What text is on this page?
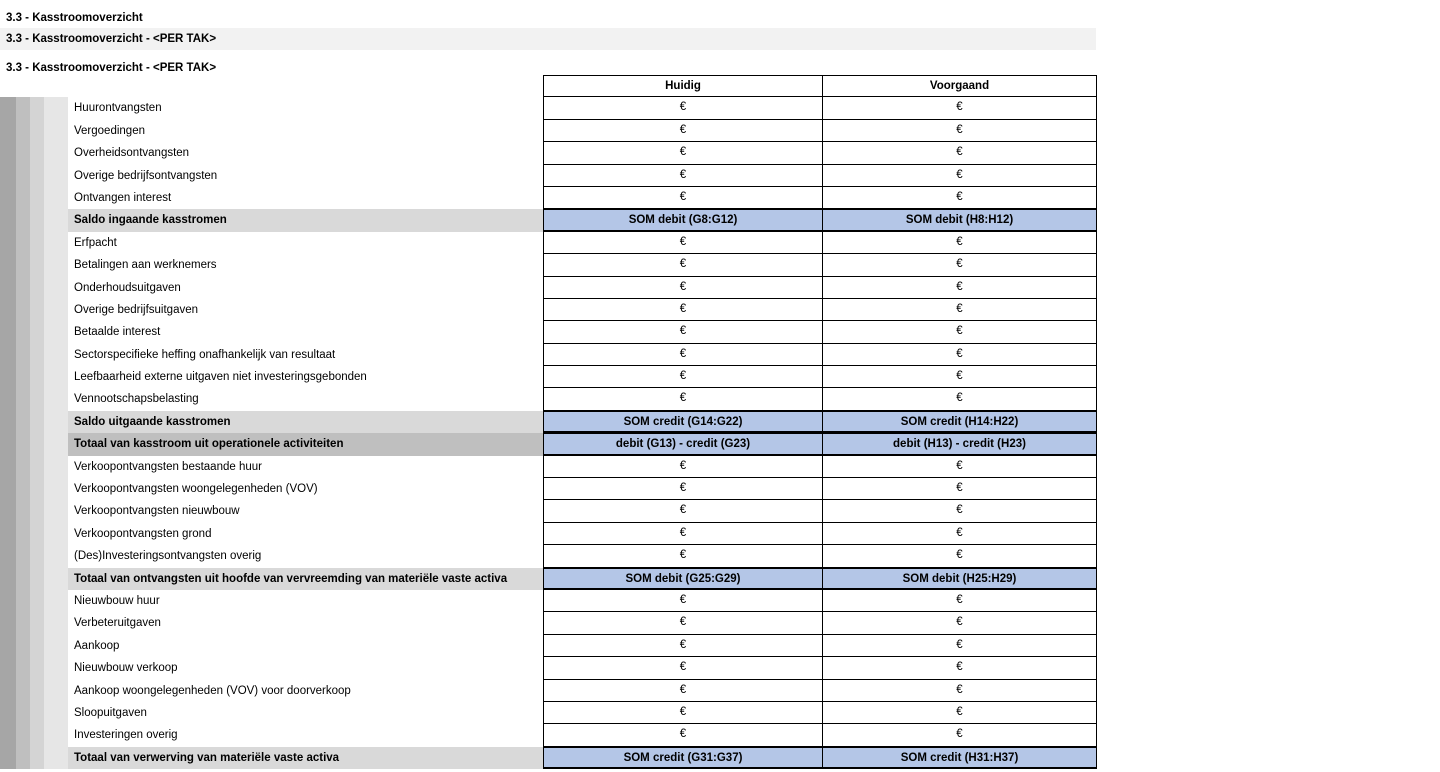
3.3 - Kasstroomoverzicht
3.3 - Kasstroomoverzicht - <PER TAK>
3.3 - Kasstroomoverzicht - <PER TAK>
Huidig	Voorgaand
Huurontvangsten	€	€
Vergoedingen	€	€
Overheidsontvangsten	€	€
Overige bedrijfsontvangsten	€	€
Ontvangen interest	€	€
Saldo ingaande kasstromen	SOM debit (G8:G12)	SOM debit (H8:H12)
Erfpacht	€	€
Betalingen aan werknemers	€	€
Onderhoudsuitgaven	€	€
Overige bedrijfsuitgaven	€	€
Betaalde interest	€	€
Sectorspecifieke heffing onafhankelijk van resultaat	€	€
Leefbaarheid externe uitgaven niet investeringsgebonden	€	€
Vennootschapsbelasting	€	€
Saldo uitgaande kasstromen	SOM credit (G14:G22)	SOM credit (H14:H22)
Totaal van kasstroom uit operationele activiteiten	debit (G13) - credit (G23)	debit (H13) - credit (H23)
Verkoopontvangsten bestaande huur	€	€
Verkoopontvangsten woongelegenheden (VOV)	€	€
Verkoopontvangsten nieuwbouw	€	€
Verkoopontvangsten grond	€	€
(Des)Investeringsontvangsten overig	€	€
Totaal van ontvangsten uit hoofde van vervreemding van materiële vaste activa	SOM debit (G25:G29)	SOM debit (H25:H29)
Nieuwbouw huur	€	€
Verbeteruitgaven	€	€
Aankoop	€	€
Nieuwbouw verkoop	€	€
Aankoop woongelegenheden (VOV) voor doorverkoop	€	€
Sloopuitgaven	€	€
Investeringen overig	€	€
Totaal van verwerving van materiële vaste activa	SOM credit (G31:G37)	SOM credit (H31:H37)
